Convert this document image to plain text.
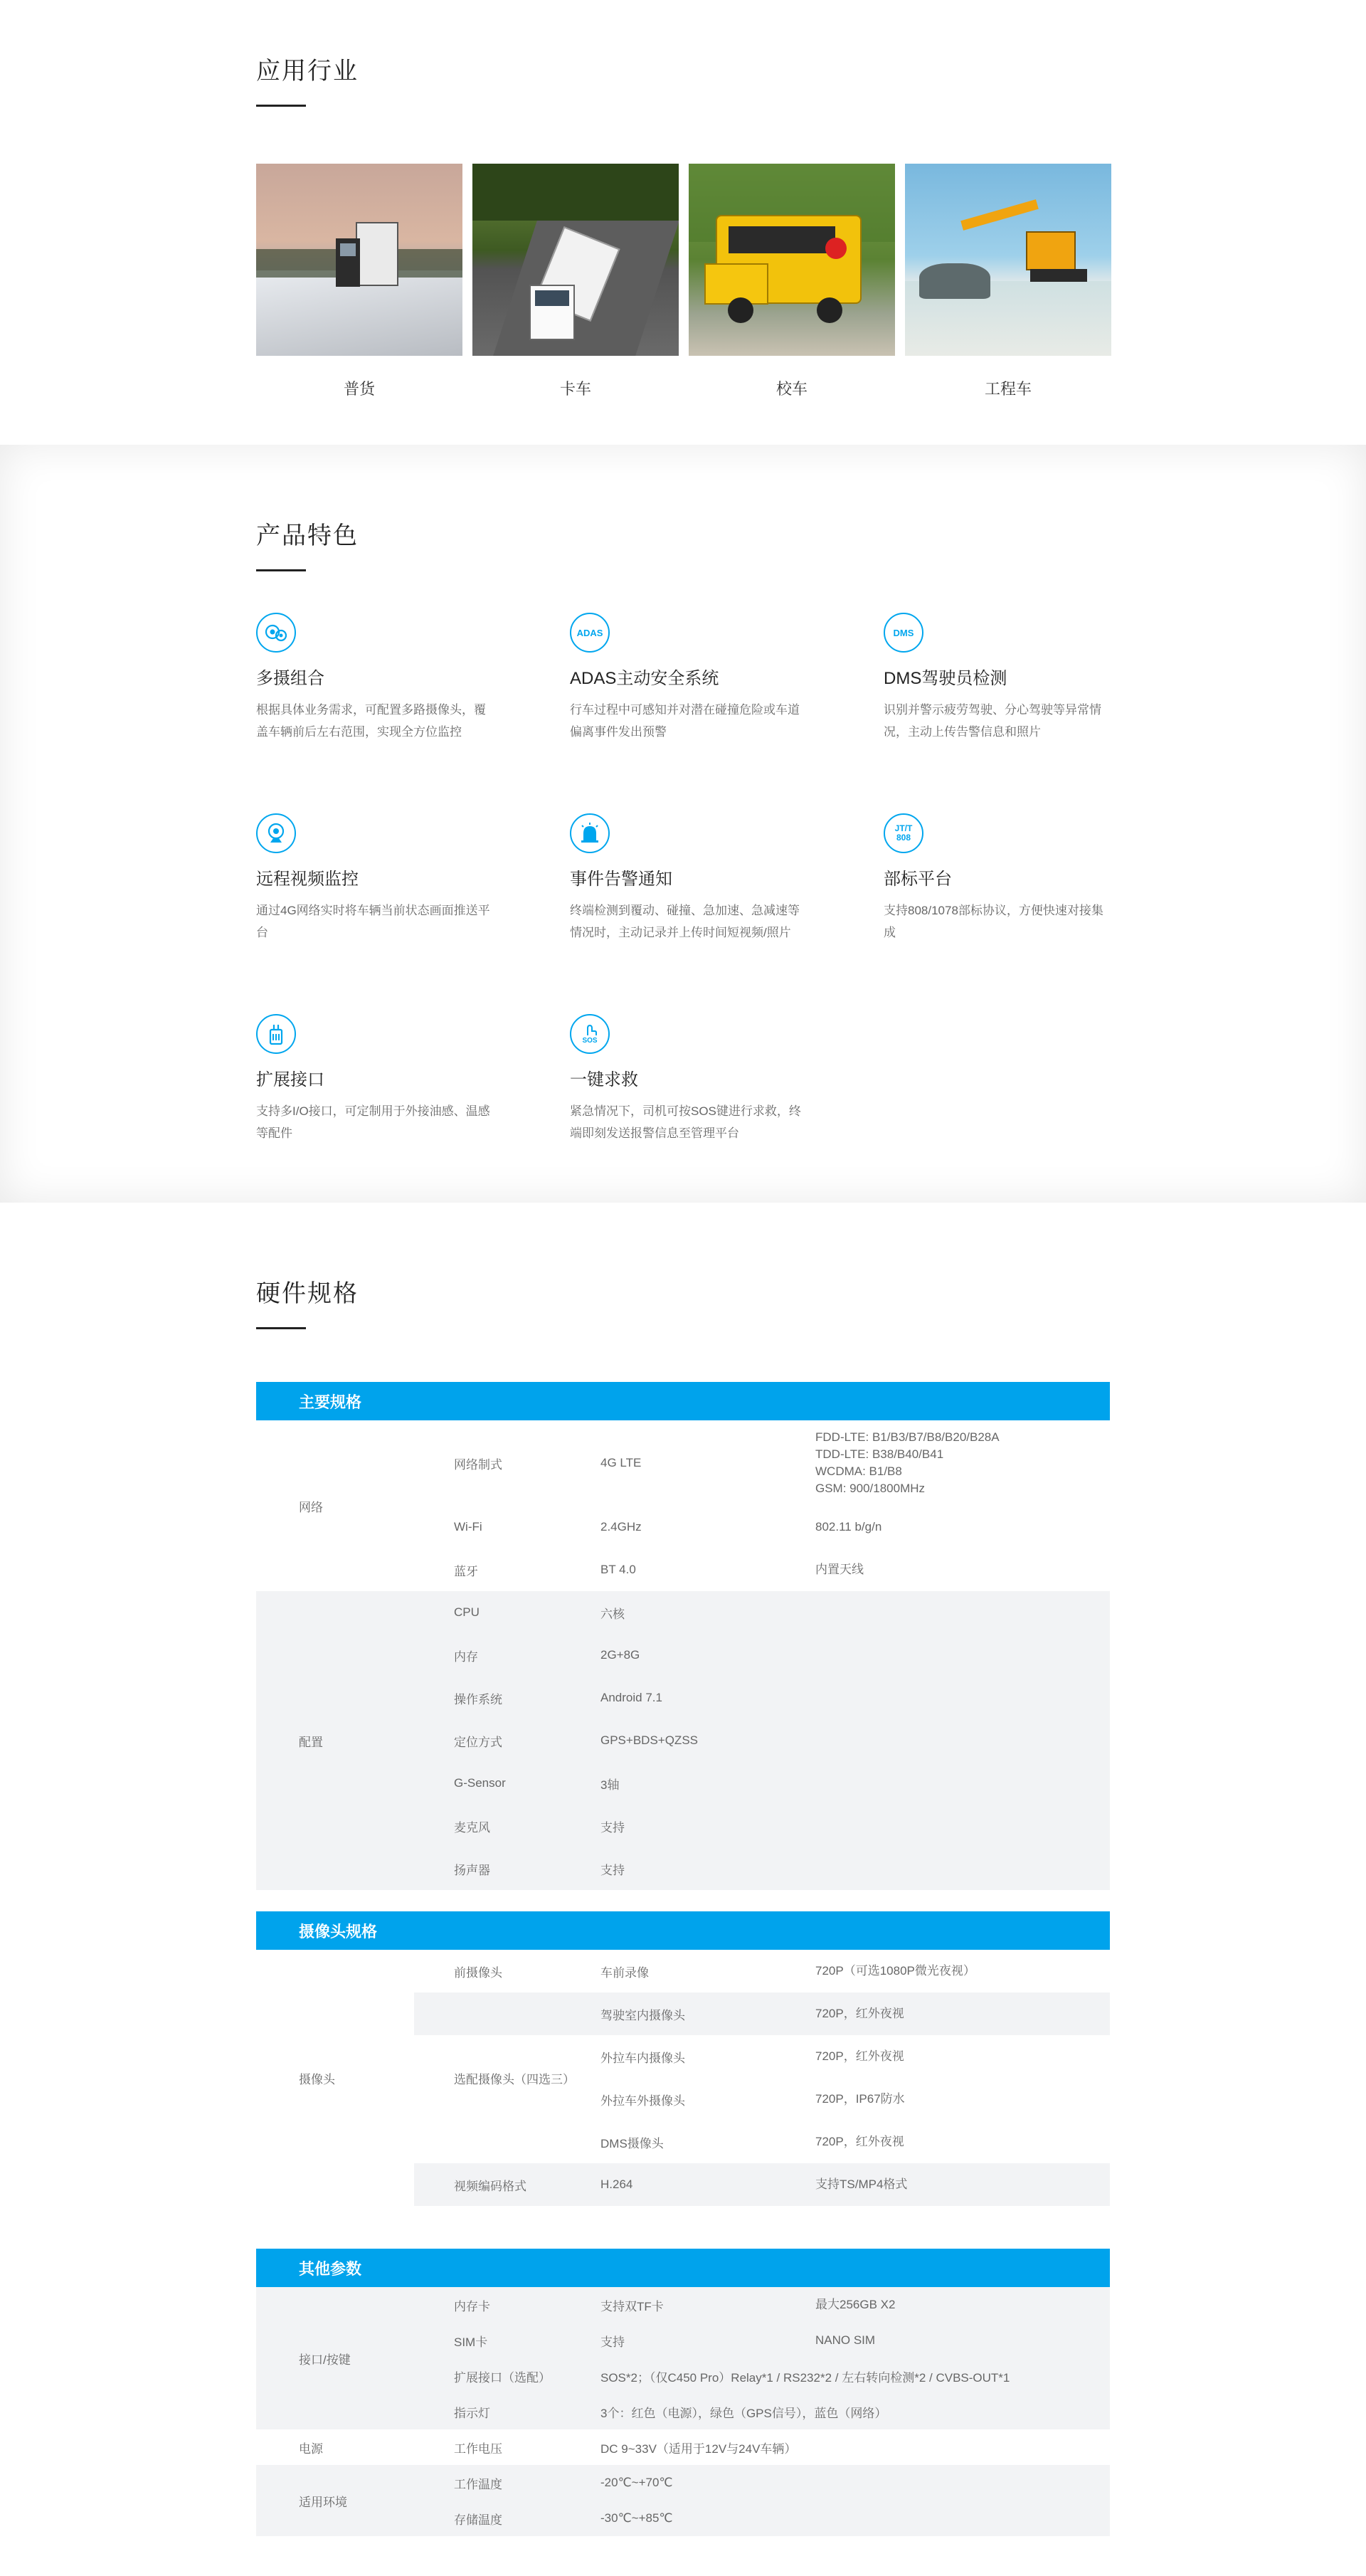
应用行业

普货	卡车	校车	工程车

产品特色

多摄组合

根据具体业务需求，可配置多路摄像头，覆盖车辆前后左右范围，实现全方位监控

ADAS

ADAS主动安全系统

行车过程中可感知并对潜在碰撞危险或车道偏离事件发出预警

DMS

DMS驾驶员检测

识别并警示疲劳驾驶、分心驾驶等异常情况，主动上传告警信息和照片

远程视频监控

通过4G网络实时将车辆当前状态画面推送平台

事件告警通知

终端检测到覆动、碰撞、急加速、急减速等情况时，主动记录并上传时间短视频/照片

JT/T 808

部标平台

支持808/1078部标协议，方便快速对接集成

扩展接口

支持多I/O接口，可定制用于外接油感、温感等配件

SOS

一键求救

紧急情况下，司机可按SOS键进行求救，终端即刻发送报警信息至管理平台

硬件规格
主要规格			
网络	网络制式	4G LTE	FDD-LTE: B1/B3/B7/B8/B20/B28A
TDD-LTE: B38/B40/B41
WCDMA: B1/B8
GSM: 900/1800MHz

	Wi-Fi	2.4GHz	802.11 b/g/n
	蓝牙	BT 4.0	内置天线
配置	CPU	六核	
	内存	2G+8G	
	操作系统	Android 7.1	
	定位方式	GPS+BDS+QZSS	
	G-Sensor	3轴	
	麦克风	支持	
	扬声器	支持	

摄像头规格			
摄像头	前摄像头	车前录像	720P（可选1080P微光夜视）
	选配摄像头（四选三）	驾驶室内摄像头	720P，红外夜视
		外拉车内摄像头	720P，红外夜视
		外拉车外摄像头	720P，IP67防水
		DMS摄像头	720P，红外夜视
	视频编码格式	H.264	支持TS/MP4格式

其他参数			
接口/按键	内存卡	支持双TF卡	最大256GB X2
	SIM卡	支持	NANO SIM
	扩展接口（选配）	SOS*2；（仅C450 Pro）Relay*1 / RS232*2 / 左右转向检测*2 / CVBS-OUT*1	
	指示灯	3个：红色（电源），绿色（GPS信号），蓝色（网络）	
电源	工作电压	DC 9~33V（适用于12V与24V车辆）	
适用环境	工作温度	-20℃~+70℃	
	存储温度	-30℃~+85℃	
